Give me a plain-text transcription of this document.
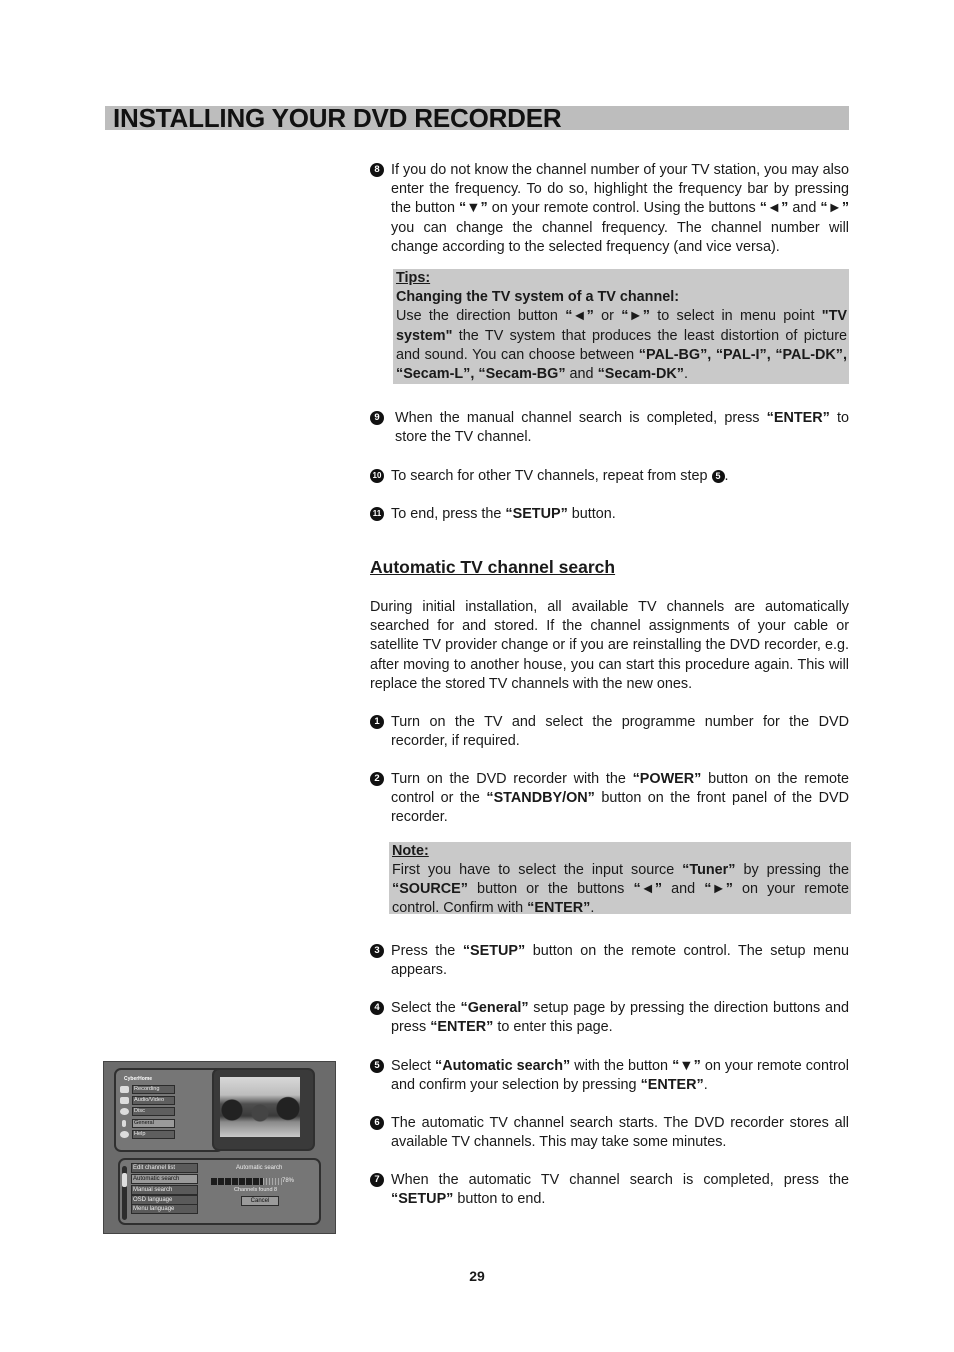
INSTALLING YOUR DVD RECORDER
8 If you do not know the channel number of your TV station, you may also enter the frequency. To do so, highlight the frequency bar by pressing the button “▼” on your remote control. Using the buttons “◄” and “►” you can change the channel frequency. The channel number will change according to the selected frequency (and vice versa).
Tips:
Changing the TV system of a TV channel:
Use the direction button “◄” or “►” to select in menu point "TV system" the TV system that produces the least distortion of picture and sound. You can choose between “PAL-BG”, “PAL-I”, “PAL-DK”, “Secam-L”, “Secam-BG” and “Secam-DK”.
9	When the manual channel search is completed, press “ENTER” to store the TV channel.
10 To search for other TV channels, repeat from step 5 .
11 To end, press the “SETUP” button.
Automatic TV channel search
During initial installation, all available TV channels are automatically searched for and stored. If the channel assignments of your cable or satellite TV provider change or if you are reinstalling the DVD recorder, e.g. after moving to another house, you can start this procedure again. This will replace the stored TV channels with the new ones.
1 Turn on the TV and select the programme number for the DVD recorder, if required.
2 Turn on the DVD recorder with the “POWER” button on the remote control or the “STANDBY/ON” button on the front panel of the DVD recorder.
Note:
First you have to select the input source “Tuner” by pressing the “SOURCE” button or the buttons “◄” and “►” on your remote control. Confirm with “ENTER”.
3 Press the “SETUP” button on the remote control. The setup menu appears.
4 Select the “General” setup page by pressing the direction buttons and press “ENTER” to enter this page.
5 Select “Automatic search” with the button “▼” on your remote control and confirm your selection by pressing “ENTER”.
6 The automatic TV channel search starts. The DVD recorder stores all available TV channels. This may take some minutes.
7 When the automatic TV channel search is completed, press the “SETUP” button to end.
CyberHome
Recording
Audio/Video
Disc
General
Help
Edit channel list
Automatic search
Manual search
OSD language
Menu language
Automatic search
78%
Channels found 8
Cancel
29
